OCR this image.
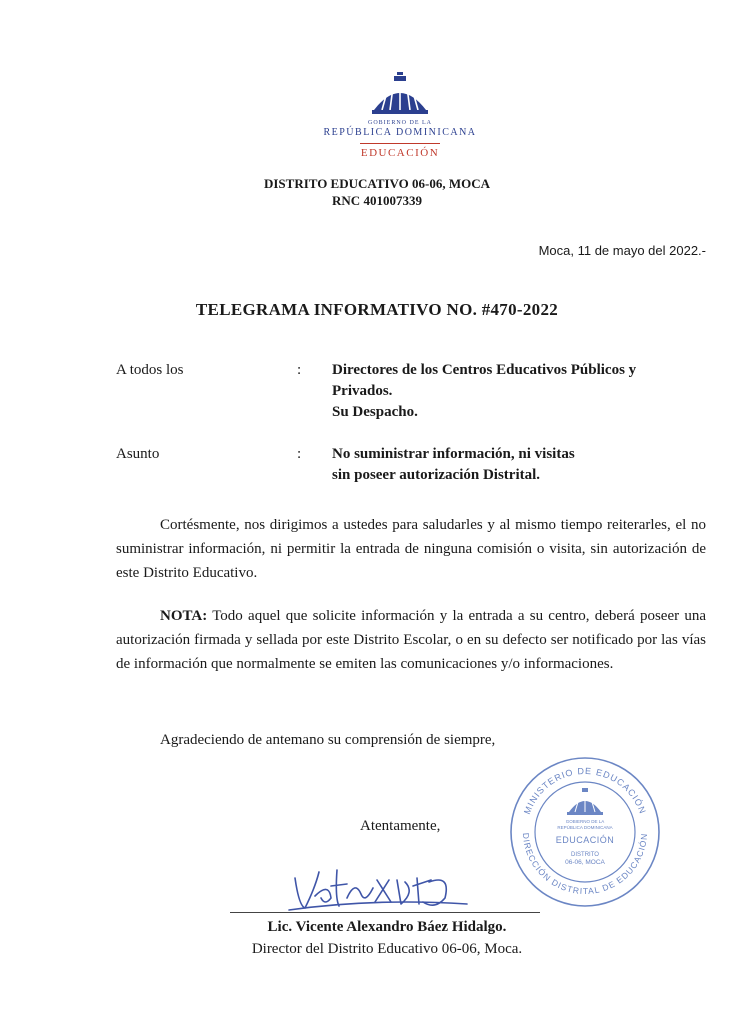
GOBIERNO DE LA
REPÚBLICA DOMINICANA
EDUCACIÓN
DISTRITO EDUCATIVO 06-06, MOCA
RNC 401007339
Moca, 11 de mayo del 2022.-
TELEGRAMA INFORMATIVO NO. #470-2022
A todos los	: Directores de los Centros Educativos Públicos y
Privados.
Su Despacho.
Asunto	: No suministrar información, ni visitas
sin poseer autorización Distrital.
Cortésmente, nos dirigimos a ustedes para saludarles y al mismo tiempo reiterarles, el no suministrar información, ni permitir la entrada de ninguna comisión o visita, sin autorización de este Distrito Educativo.
NOTA: Todo aquel que solicite información y la entrada a su centro, deberá poseer una autorización firmada y sellada por este Distrito Escolar, o en su defecto ser notificado por las vías de información que normalmente se emiten las comunicaciones y/o informaciones.
Agradeciendo de antemano su comprensión de siempre,
MINISTERIO DE EDUCACIÓN
DIRECCIÓN DISTRITAL DE EDUCACIÓN
GOBIERNO DE LA
REPÚBLICA DOMINICANA
EDUCACIÓN
DISTRITO
06-06, MOCA
Atentamente,
Lic. Vicente Alexandro Báez Hidalgo.
Director del Distrito Educativo 06-06, Moca.
